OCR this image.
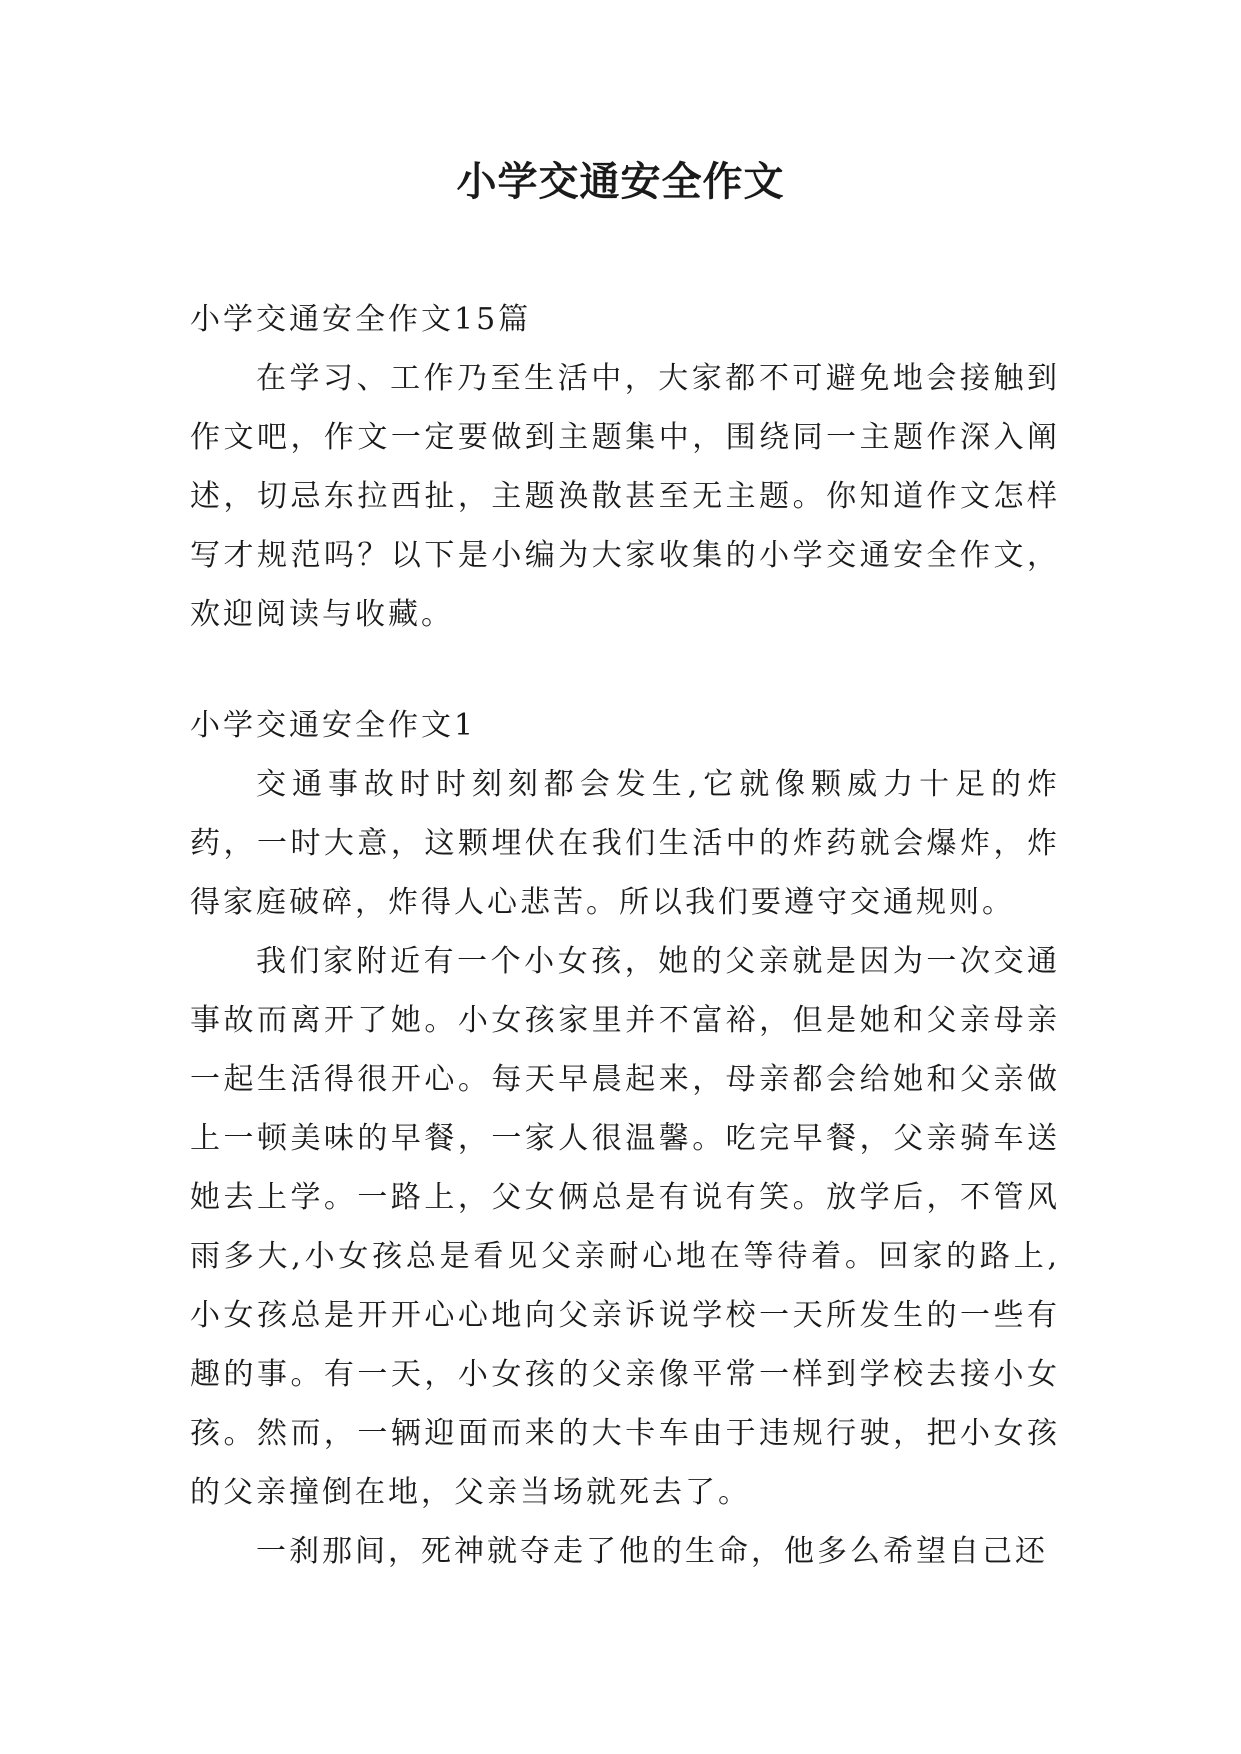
小学交通安全作文

小学交通安全作文15篇

在学习、工作乃至生活中，大家都不可避免地会接触到作文吧，作文一定要做到主题集中，围绕同一主题作深入阐述，切忌东拉西扯，主题涣散甚至无主题。你知道作文怎样写才规范吗？以下是小编为大家收集的小学交通安全作文，欢迎阅读与收藏。

小学交通安全作文1

交通事故时时刻刻都会发生,它就像颗威力十足的炸药，一时大意，这颗埋伏在我们生活中的炸药就会爆炸，炸得家庭破碎，炸得人心悲苦。所以我们要遵守交通规则。

我们家附近有一个小女孩，她的父亲就是因为一次交通事故而离开了她。小女孩家里并不富裕，但是她和父亲母亲一起生活得很开心。每天早晨起来，母亲都会给她和父亲做上一顿美味的早餐，一家人很温馨。吃完早餐，父亲骑车送她去上学。一路上，父女俩总是有说有笑。放学后，不管风雨多大,小女孩总是看见父亲耐心地在等待着。回家的路上,小女孩总是开开心心地向父亲诉说学校一天所发生的一些有趣的事。有一天，小女孩的父亲像平常一样到学校去接小女孩。然而，一辆迎面而来的大卡车由于违规行驶，把小女孩的父亲撞倒在地，父亲当场就死去了。

一刹那间，死神就夺走了他的生命，他多么希望自己还
